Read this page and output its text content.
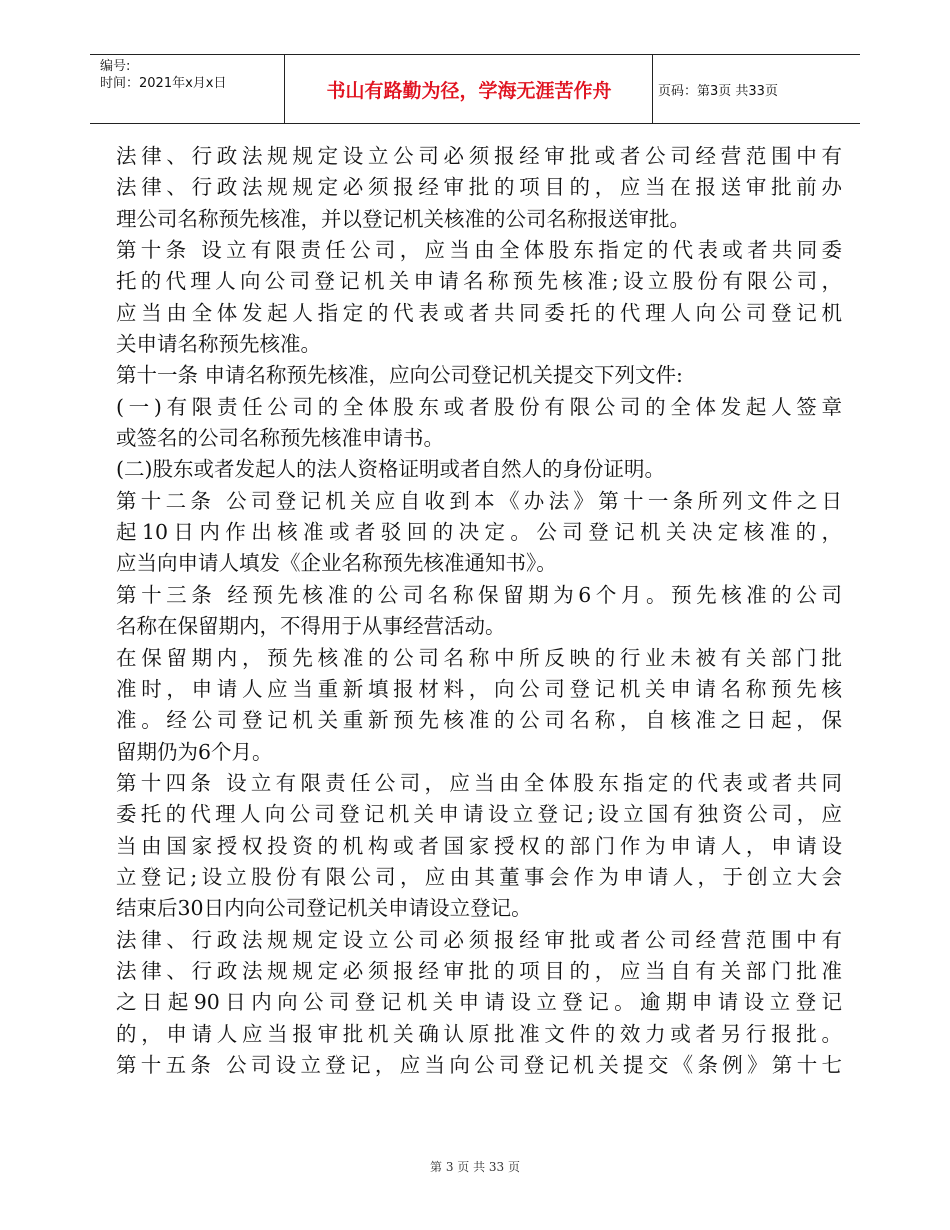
编号:
时间：2021年x月x日	书山有路勤为径，学海无涯苦作舟	页码：第3页 共33页
法律、行政法规规定设立公司必须报经审批或者公司经营范围中有
法律、行政法规规定必须报经审批的项目的，应当在报送审批前办
理公司名称预先核准，并以登记机关核准的公司名称报送审批。
第十条 设立有限责任公司，应当由全体股东指定的代表或者共同委
托的代理人向公司登记机关申请名称预先核准;设立股份有限公司，
应当由全体发起人指定的代表或者共同委托的代理人向公司登记机
关申请名称预先核准。
第十一条 申请名称预先核准，应向公司登记机关提交下列文件:
(一)有限责任公司的全体股东或者股份有限公司的全体发起人签章
或签名的公司名称预先核准申请书。
(二)股东或者发起人的法人资格证明或者自然人的身份证明。
第十二条 公司登记机关应自收到本《办法》第十一条所列文件之日
起10日内作出核准或者驳回的决定。公司登记机关决定核准的，
应当向申请人填发《企业名称预先核准通知书》。
第十三条 经预先核准的公司名称保留期为6个月。预先核准的公司
名称在保留期内，不得用于从事经营活动。
在保留期内，预先核准的公司名称中所反映的行业未被有关部门批
准时，申请人应当重新填报材料，向公司登记机关申请名称预先核
准。经公司登记机关重新预先核准的公司名称，自核准之日起，保
留期仍为6个月。
第十四条 设立有限责任公司，应当由全体股东指定的代表或者共同
委托的代理人向公司登记机关申请设立登记;设立国有独资公司，应
当由国家授权投资的机构或者国家授权的部门作为申请人，申请设
立登记;设立股份有限公司，应由其董事会作为申请人，于创立大会
结束后30日内向公司登记机关申请设立登记。
法律、行政法规规定设立公司必须报经审批或者公司经营范围中有
法律、行政法规规定必须报经审批的项目的，应当自有关部门批准
之日起90日内向公司登记机关申请设立登记。逾期申请设立登记
的，申请人应当报审批机关确认原批准文件的效力或者另行报批。
第十五条 公司设立登记，应当向公司登记机关提交《条例》第十七
第 3 页 共 33 页
